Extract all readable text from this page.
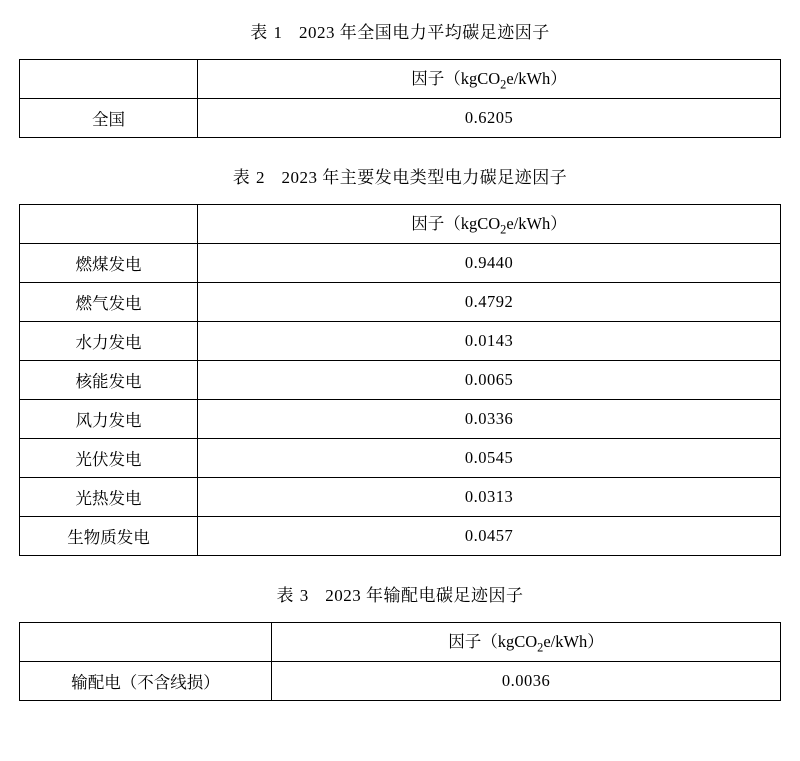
表 1 2023 年全国电力平均碳足迹因子
	因子（kgCO$_2$e/kWh）
全国	0.6205
表 2 2023 年主要发电类型电力碳足迹因子
	因子（kgCO$_2$e/kWh）
燃煤发电	0.9440
燃气发电	0.4792
水力发电	0.0143
核能发电	0.0065
风力发电	0.0336
光伏发电	0.0545
光热发电	0.0313
生物质发电	0.0457
表 3 2023 年输配电碳足迹因子
	因子（kgCO$_2$e/kWh）
输配电（不含线损）	0.0036
